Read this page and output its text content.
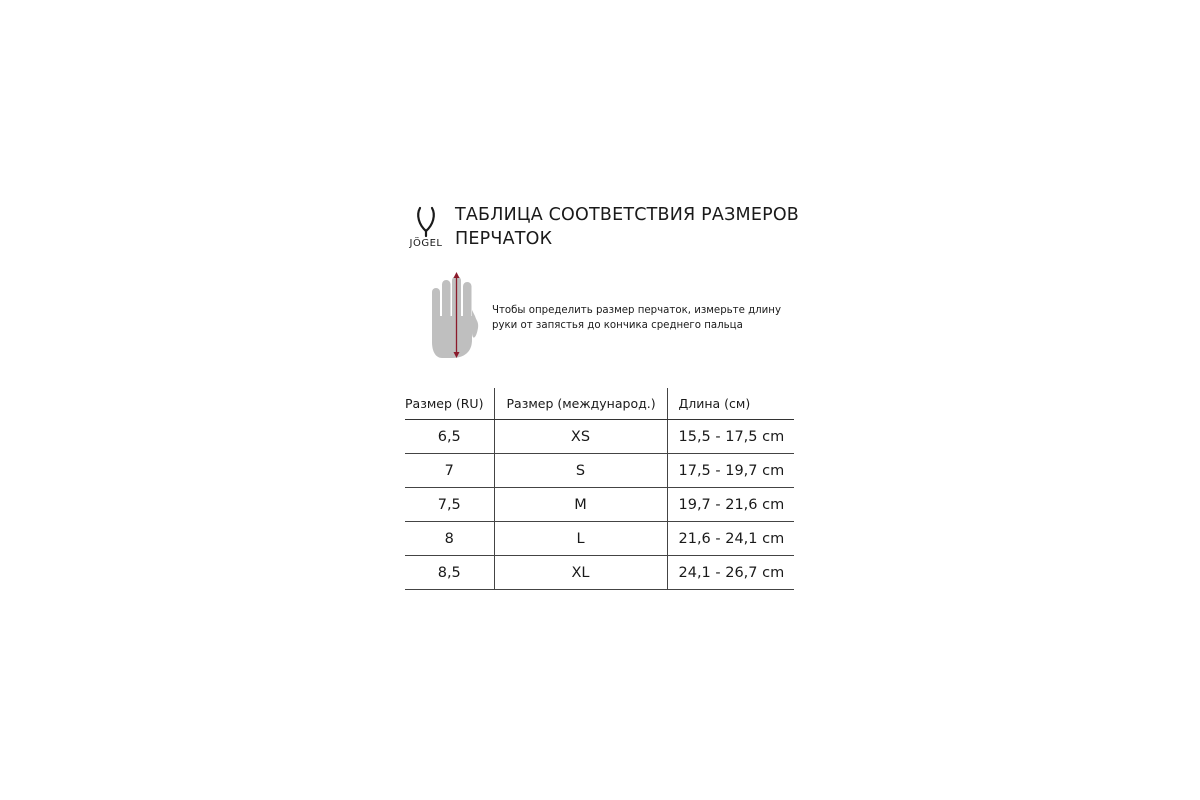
JÖGEL
ТАБЛИЦА СООТВЕТСТВИЯ РАЗМЕРОВ
ПЕРЧАТОК
Чтобы определить размер перчаток, измерьте длину
руки от запястья до кончика среднего пальца
Размер (RU)	Размер (международ.)	Длина (см)
6,5	XS	15,5 - 17,5 cm
7	S	17,5 - 19,7 cm
7,5	M	19,7 - 21,6 cm
8	L	21,6 - 24,1 cm
8,5	XL	24,1 - 26,7 cm
